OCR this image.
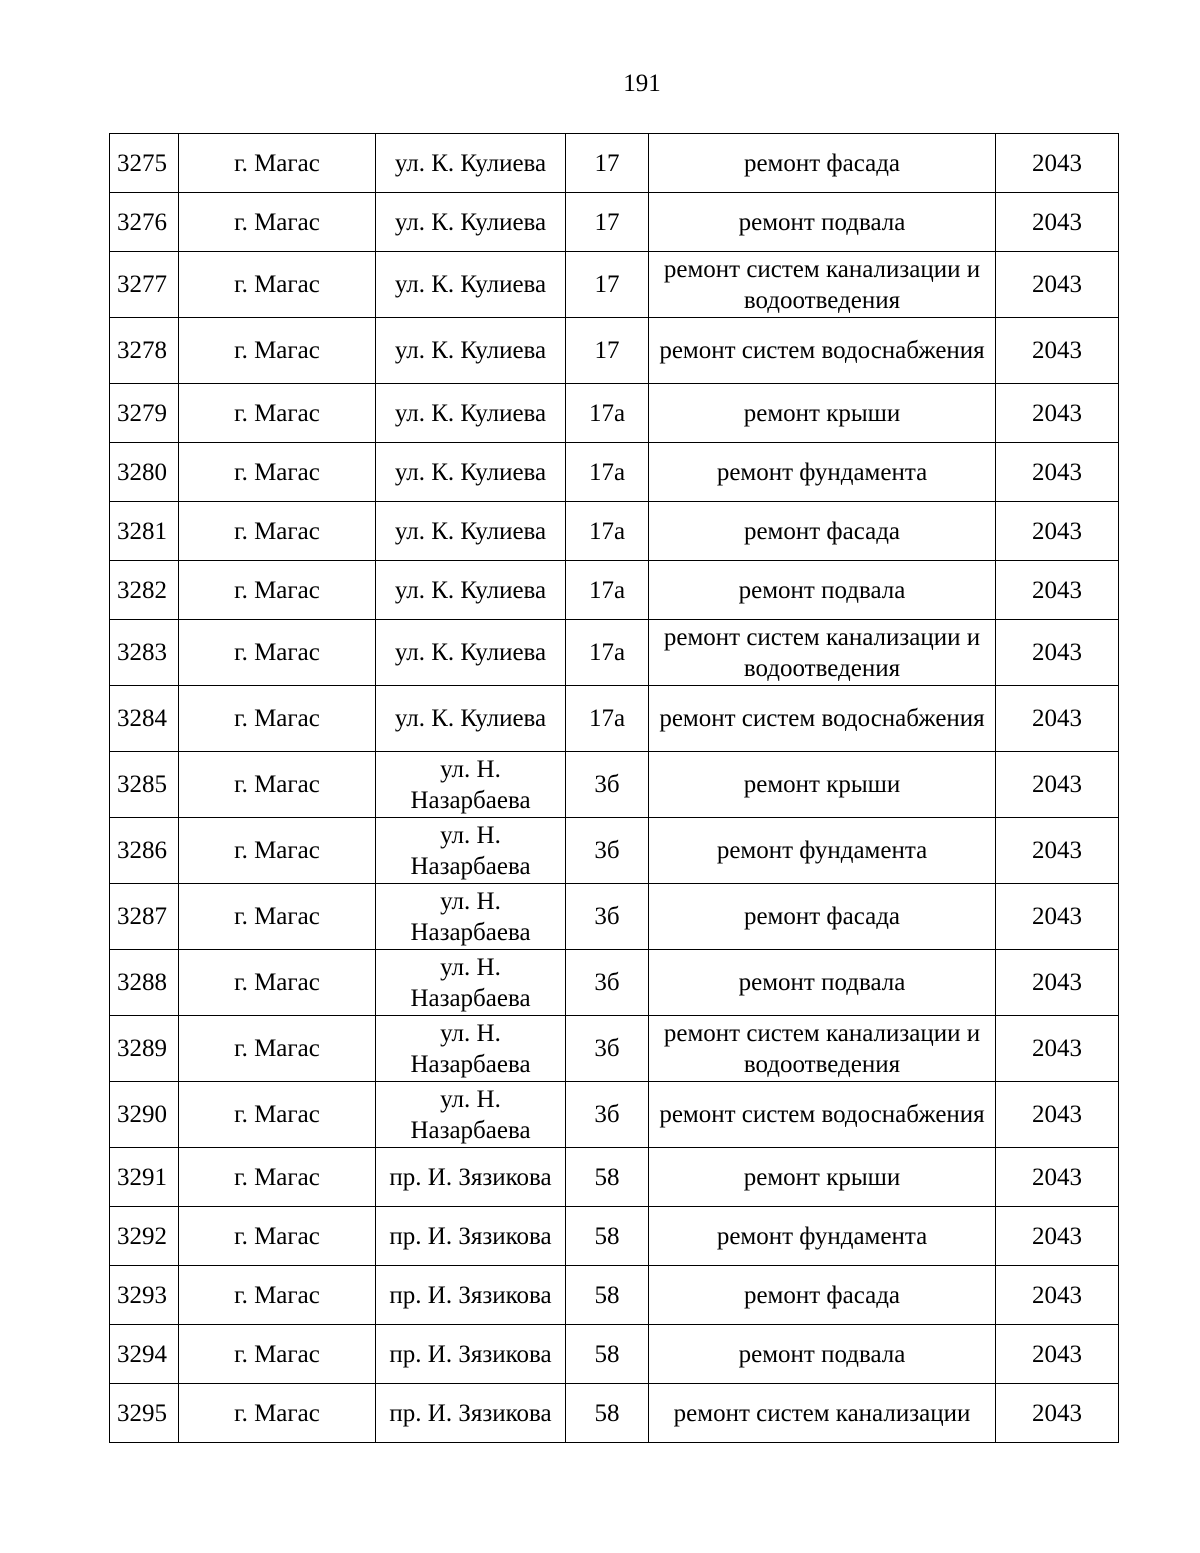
191
3275	г. Магас	ул. К. Кулиева	17	ремонт фасада	2043
3276	г. Магас	ул. К. Кулиева	17	ремонт подвала	2043
3277	г. Магас	ул. К. Кулиева	17	ремонт систем канализации и водоотведения	2043
3278	г. Магас	ул. К. Кулиева	17	ремонт систем водоснабжения	2043
3279	г. Магас	ул. К. Кулиева	17а	ремонт крыши	2043
3280	г. Магас	ул. К. Кулиева	17а	ремонт фундамента	2043
3281	г. Магас	ул. К. Кулиева	17а	ремонт фасада	2043
3282	г. Магас	ул. К. Кулиева	17а	ремонт подвала	2043
3283	г. Магас	ул. К. Кулиева	17а	ремонт систем канализации и водоотведения	2043
3284	г. Магас	ул. К. Кулиева	17а	ремонт систем водоснабжения	2043
3285	г. Магас	ул. Н. Назарбаева	3б	ремонт крыши	2043
3286	г. Магас	ул. Н. Назарбаева	3б	ремонт фундамента	2043
3287	г. Магас	ул. Н. Назарбаева	3б	ремонт фасада	2043
3288	г. Магас	ул. Н. Назарбаева	3б	ремонт подвала	2043
3289	г. Магас	ул. Н. Назарбаева	3б	ремонт систем канализации и водоотведения	2043
3290	г. Магас	ул. Н. Назарбаева	3б	ремонт систем водоснабжения	2043
3291	г. Магас	пр. И. Зязикова	58	ремонт крыши	2043
3292	г. Магас	пр. И. Зязикова	58	ремонт фундамента	2043
3293	г. Магас	пр. И. Зязикова	58	ремонт фасада	2043
3294	г. Магас	пр. И. Зязикова	58	ремонт подвала	2043
3295	г. Магас	пр. И. Зязикова	58	ремонт систем канализации	2043
